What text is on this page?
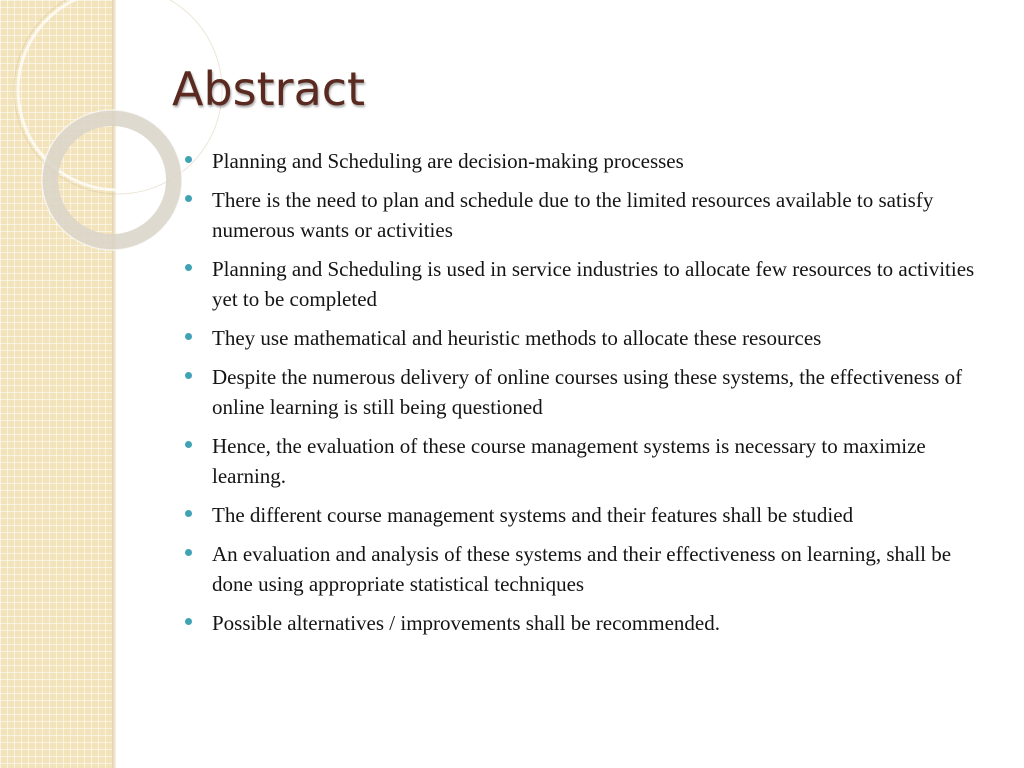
Abstract
Planning and Scheduling are decision-making processes
There is the need to plan and schedule due to the limited resources available to satisfy numerous wants or activities
Planning and Scheduling is used in service industries to allocate few resources to activities yet to be completed
They use mathematical and heuristic methods to allocate these resources
Despite the numerous delivery of online courses using these systems, the effectiveness of online learning is still being questioned
Hence, the evaluation of these course management systems is necessary to maximize learning.
The different course management systems and their features shall be studied
An evaluation and analysis of these systems and their effectiveness on learning, shall be done using appropriate statistical techniques
Possible alternatives / improvements shall be recommended.
